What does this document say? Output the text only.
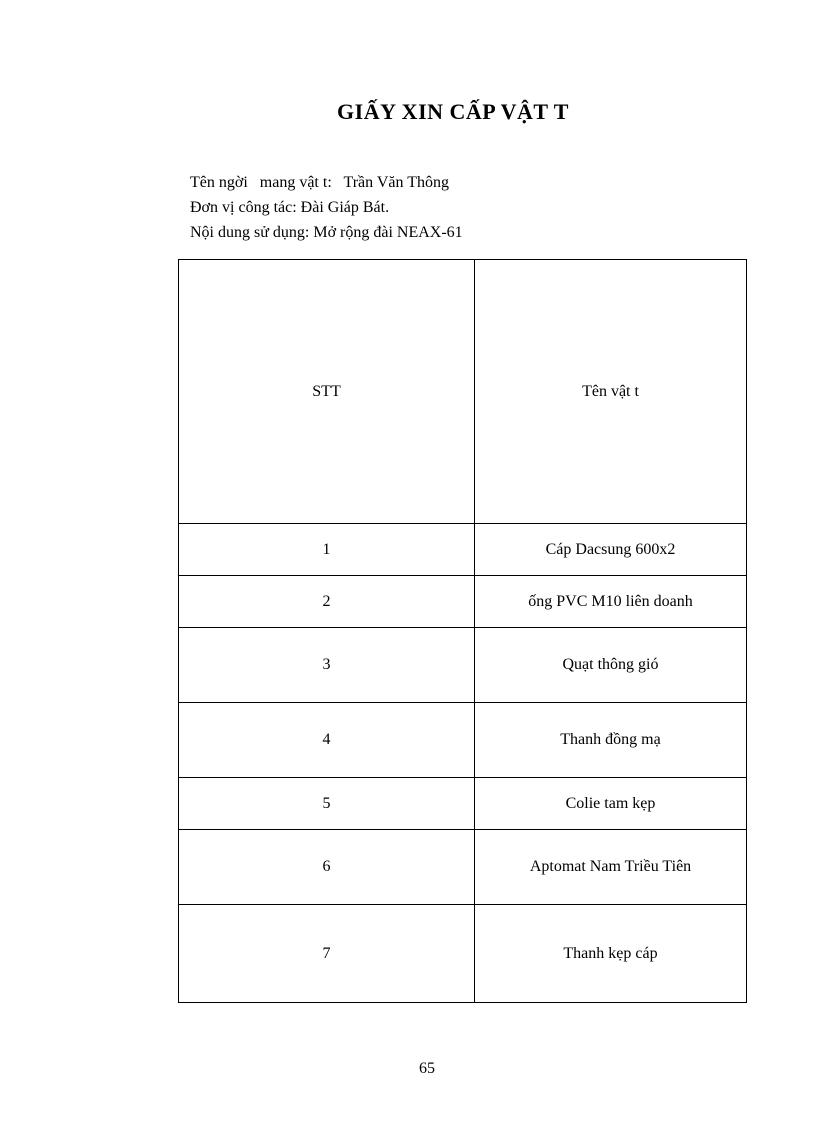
GIẤY XIN CẤP VẬT T
Tên ngời   mang vật t:   Trần Văn Thông
Đơn vị công tác: Đài Giáp Bát.
Nội dung sử dụng: Mở rộng đài NEAX-61
STT	Tên vật t
1	Cáp Dacsung 600x2
2	ống PVC M10 liên doanh
3	Quạt thông gió
4	Thanh đồng mạ
5	Colie tam kẹp
6	Aptomat Nam Triều Tiên
7	Thanh kẹp cáp
65
